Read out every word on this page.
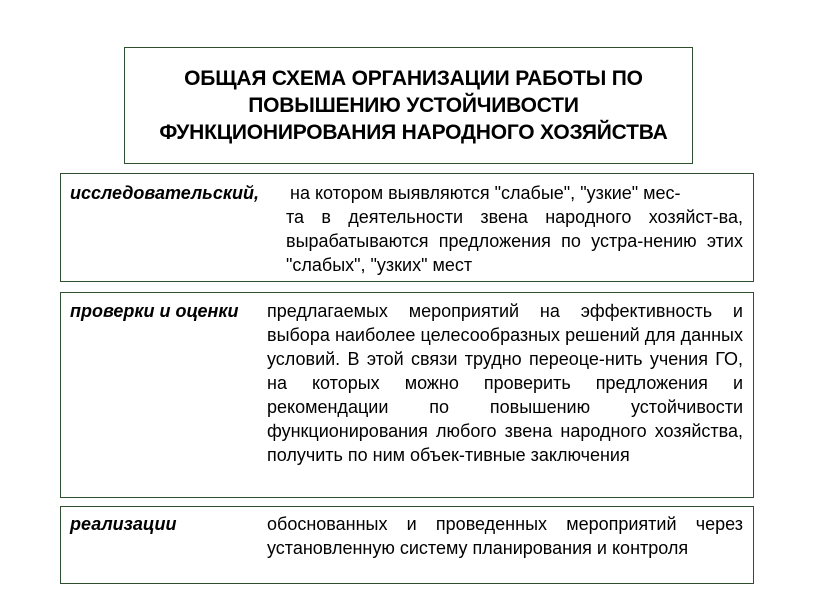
ОБЩАЯ СХЕМА ОРГАНИЗАЦИИ РАБОТЫ ПО ПОВЫШЕНИЮ УСТОЙЧИВОСТИ ФУНКЦИОНИРОВАНИЯ НАРОДНОГО ХОЗЯЙСТВА
на котором выявляются "слабые", "узкие" мес-
та в деятельности звена народного хозяйст-ва, вырабатываются предложения по устра-нению этих "слабых", "узких" мест
исследовательский,
проверки и оценки предлагаемых мероприятий на эффективность и выбора наиболее целесообразных решений для данных условий. В этой связи трудно переоце-нить учения ГО, на которых можно проверить предложения и рекомендации по повышению устойчивости функционирования любого звена народного хозяйства, получить по ним объек-тивные заключения
реализации	обоснованных и проведенных мероприятий через установленную систему планирования и контроля
